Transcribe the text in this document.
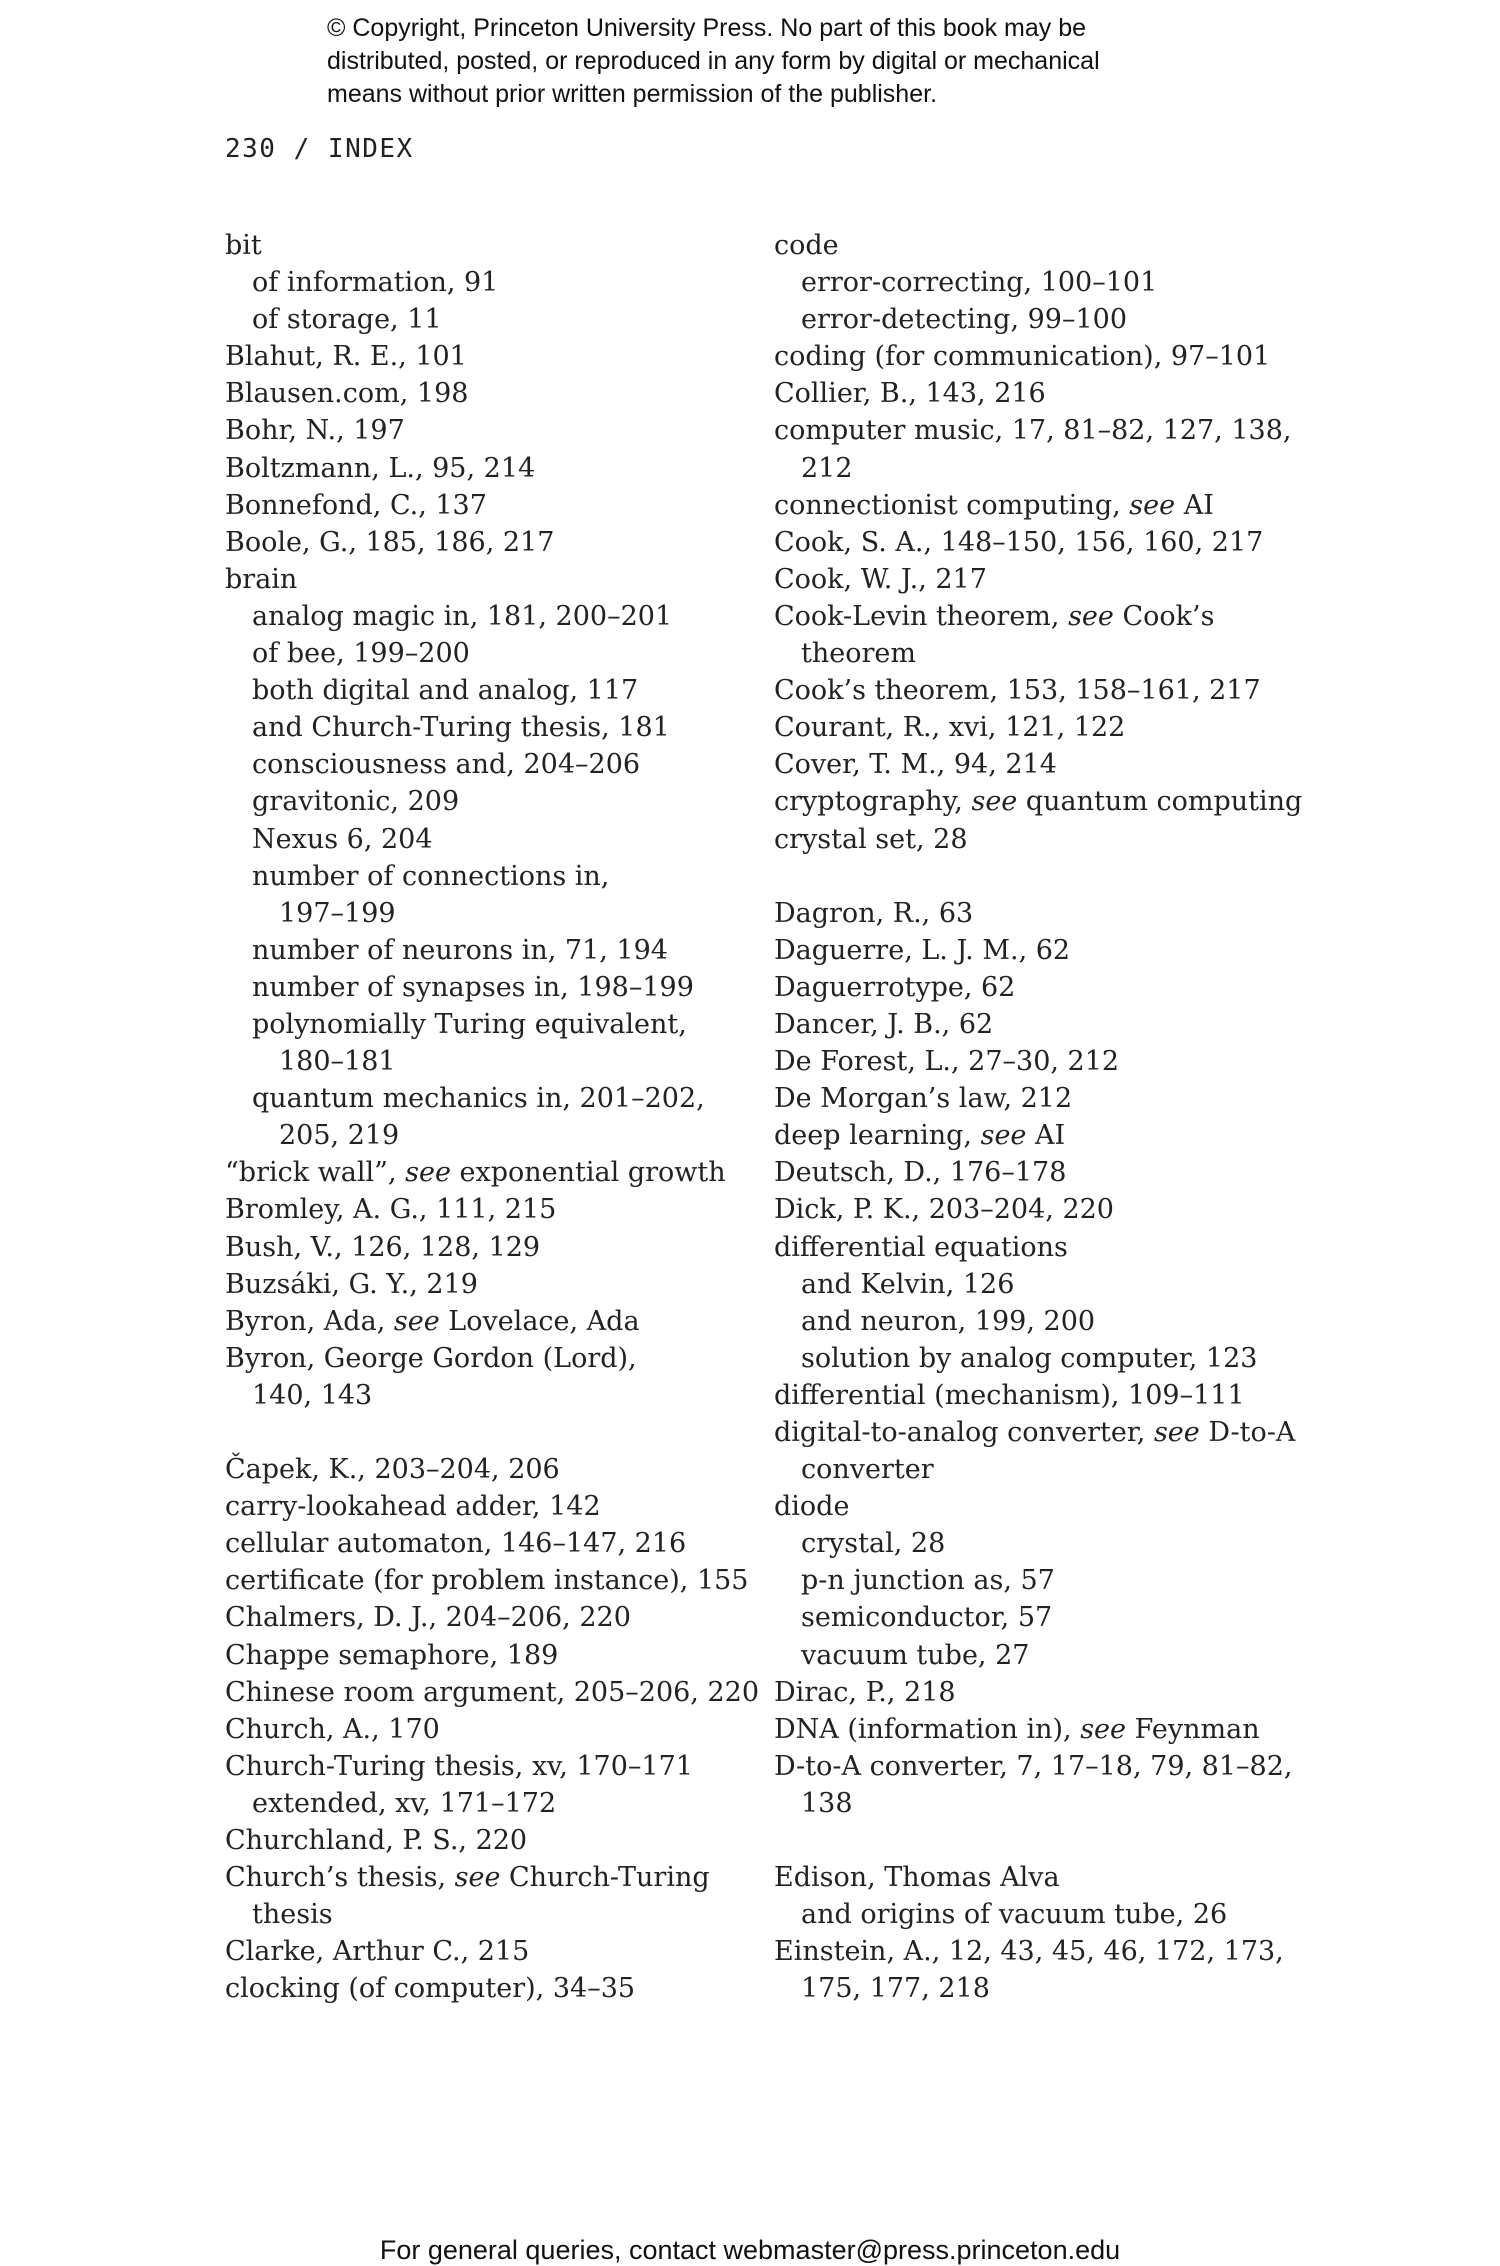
© Copyright, Princeton University Press. No part of this book may be
distributed, posted, or reproduced in any form by digital or mechanical
means without prior written permission of the publisher.
230 / INDEX
bit
of information, 91
of storage, 11
Blahut, R. E., 101
Blausen.com, 198
Bohr, N., 197
Boltzmann, L., 95, 214
Bonnefond, C., 137
Boole, G., 185, 186, 217
brain
analog magic in, 181, 200–201
of bee, 199–200
both digital and analog, 117
and Church-Turing thesis, 181
consciousness and, 204–206
gravitonic, 209
Nexus 6, 204
number of connections in,
197–199
number of neurons in, 71, 194
number of synapses in, 198–199
polynomially Turing equivalent,
180–181
quantum mechanics in, 201–202,
205, 219
“brick wall”, see exponential growth
Bromley, A. G., 111, 215
Bush, V., 126, 128, 129
Buzsáki, G. Y., 219
Byron, Ada, see Lovelace, Ada
Byron, George Gordon (Lord),
140, 143
Čapek, K., 203–204, 206
carry-lookahead adder, 142
cellular automaton, 146–147, 216
certificate (for problem instance), 155
Chalmers, D. J., 204–206, 220
Chappe semaphore, 189
Chinese room argument, 205–206, 220
Church, A., 170
Church-Turing thesis, xv, 170–171
extended, xv, 171–172
Churchland, P. S., 220
Church’s thesis, see Church-Turing
thesis
Clarke, Arthur C., 215
clocking (of computer), 34–35
code
error-correcting, 100–101
error-detecting, 99–100
coding (for communication), 97–101
Collier, B., 143, 216
computer music, 17, 81–82, 127, 138,
212
connectionist computing, see AI
Cook, S. A., 148–150, 156, 160, 217
Cook, W. J., 217
Cook-Levin theorem, see Cook’s
theorem
Cook’s theorem, 153, 158–161, 217
Courant, R., xvi, 121, 122
Cover, T. M., 94, 214
cryptography, see quantum computing
crystal set, 28
Dagron, R., 63
Daguerre, L. J. M., 62
Daguerrotype, 62
Dancer, J. B., 62
De Forest, L., 27–30, 212
De Morgan’s law, 212
deep learning, see AI
Deutsch, D., 176–178
Dick, P. K., 203–204, 220
differential equations
and Kelvin, 126
and neuron, 199, 200
solution by analog computer, 123
differential (mechanism), 109–111
digital-to-analog converter, see D-to-A
converter
diode
crystal, 28
p-n junction as, 57
semiconductor, 57
vacuum tube, 27
Dirac, P., 218
DNA (information in), see Feynman
D-to-A converter, 7, 17–18, 79, 81–82,
138
Edison, Thomas Alva
and origins of vacuum tube, 26
Einstein, A., 12, 43, 45, 46, 172, 173,
175, 177, 218
For general queries, contact webmaster@press.princeton.edu
